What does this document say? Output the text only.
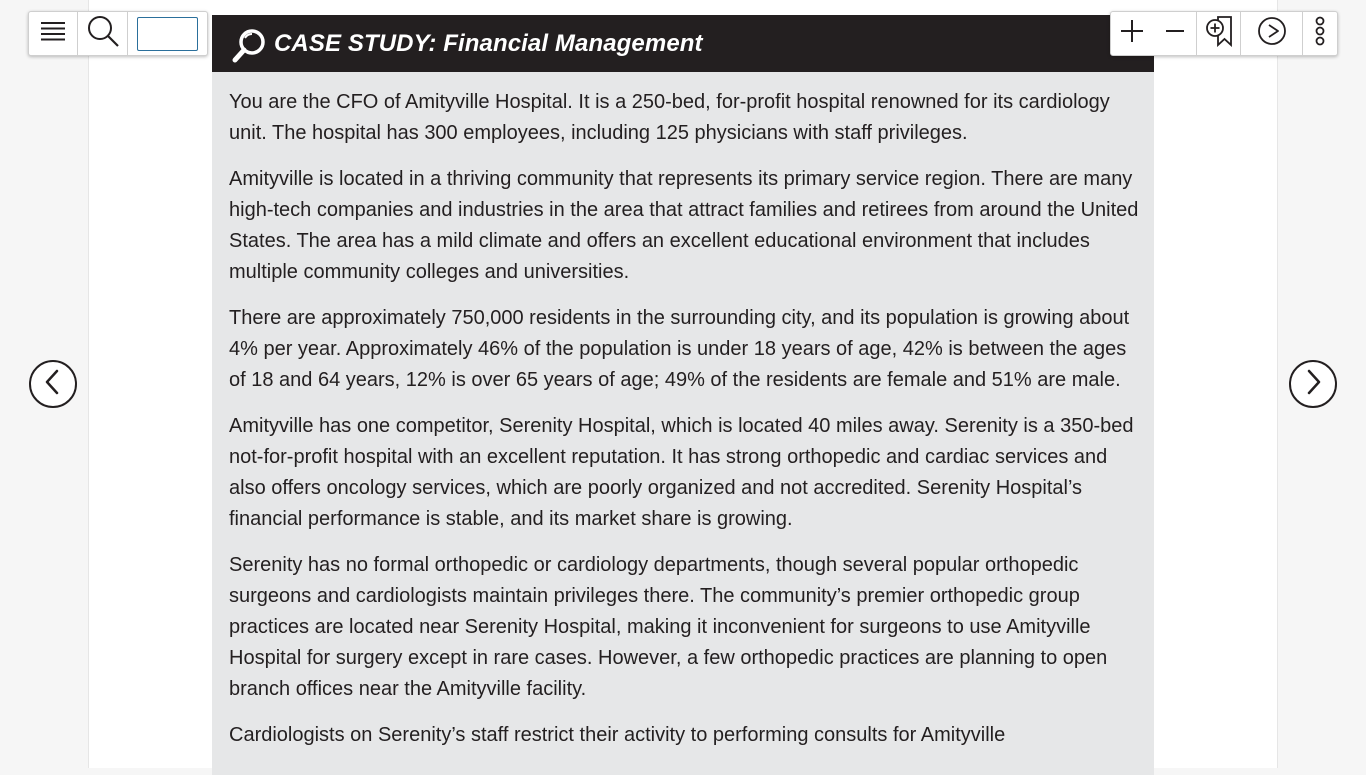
CASE STUDY: Financial Management

You are the CFO of Amityville Hospital. It is a 250-bed, for-profit hospital renowned for its cardiology unit. The hospital has 300 employees, including 125 physicians with staff privileges.

Amityville is located in a thriving community that represents its primary service region. There are many high-tech companies and industries in the area that attract families and retirees from around the United States. The area has a mild climate and offers an excellent educational environment that includes multiple community colleges and universities.

There are approximately 750,000 residents in the surrounding city, and its population is growing about 4% per year. Approximately 46% of the population is under 18 years of age, 42% is between the ages of 18 and 64 years, 12% is over 65 years of age; 49% of the residents are female and 51% are male.

Amityville has one competitor, Serenity Hospital, which is located 40 miles away. Serenity is a 350-bed not-for-profit hospital with an excellent reputation. It has strong orthopedic and cardiac services and also offers oncology services, which are poorly organized and not accredited. Serenity Hospital’s financial performance is stable, and its market share is growing.

Serenity has no formal orthopedic or cardiology departments, though several popular orthopedic surgeons and cardiologists maintain privileges there. The community’s premier orthopedic group practices are located near Serenity Hospital, making it inconvenient for surgeons to use Amityville Hospital for surgery except in rare cases. However, a few orthopedic practices are planning to open branch offices near the Amityville facility.

Cardiologists on Serenity’s staff restrict their activity to performing consults for Amityville
